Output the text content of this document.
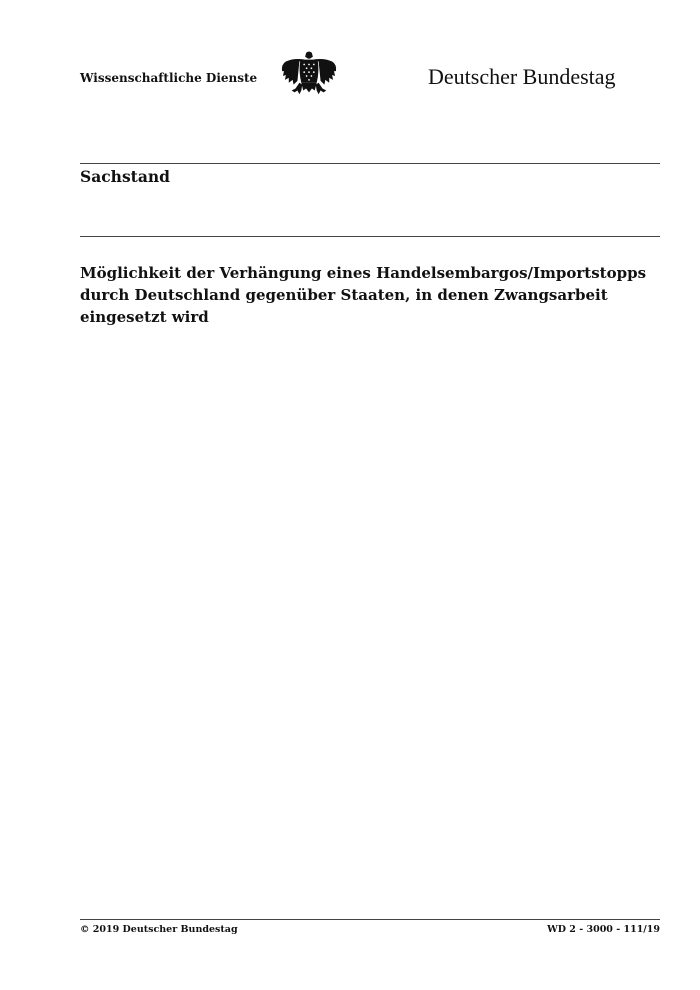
Wissenschaftliche Dienste	Deutscher Bundestag
Sachstand
Möglichkeit der Verhängung eines Handelsembargos/Importstopps
durch Deutschland gegenüber Staaten, in denen Zwangsarbeit
eingesetzt wird
© 2019 Deutscher Bundestag	WD 2 - 3000 - 111/19
